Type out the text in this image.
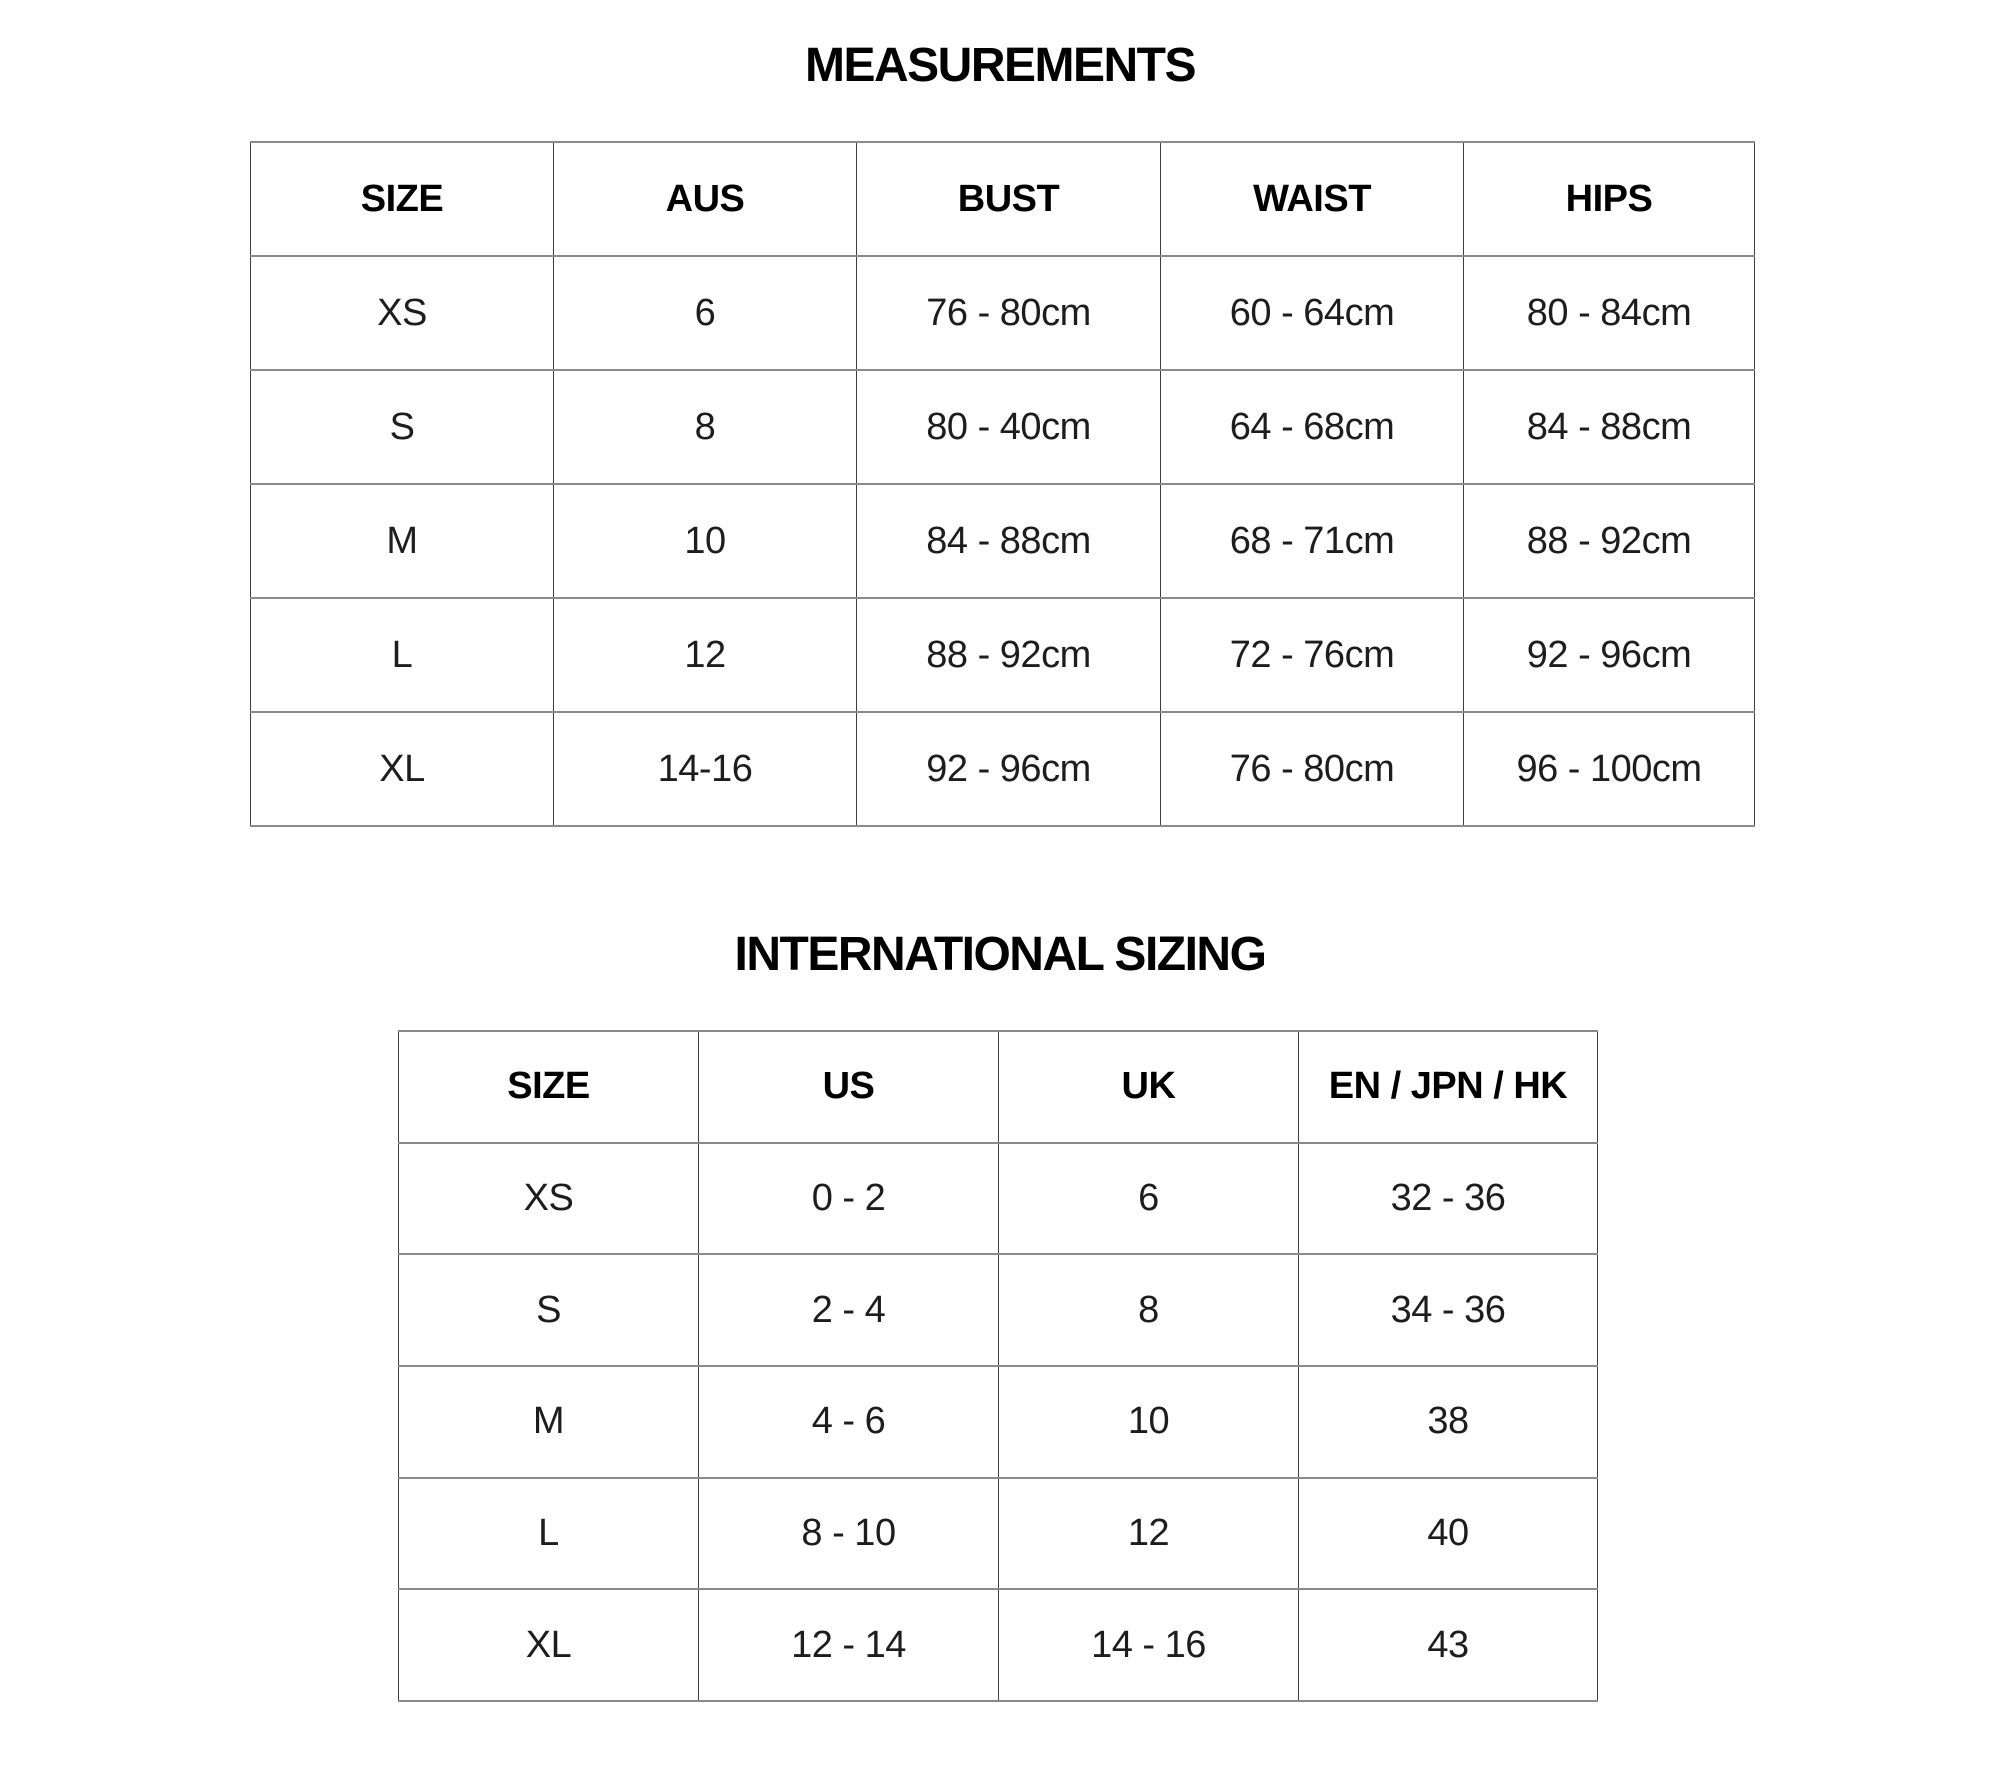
MEASUREMENTS
SIZE	AUS	BUST	WAIST	HIPS
XS	6	76 - 80cm	60 - 64cm	80 - 84cm
S	8	80 - 40cm	64 - 68cm	84 - 88cm
M	10	84 - 88cm	68 - 71cm	88 - 92cm
L	12	88 - 92cm	72 - 76cm	92 - 96cm
XL	14-16	92 - 96cm	76 - 80cm	96 - 100cm
INTERNATIONAL SIZING
SIZE	US	UK	EN / JPN / HK
XS	0 - 2	6	32 - 36
S	2 - 4	8	34 - 36
M	4 - 6	10	38
L	8 - 10	12	40
XL	12 - 14	14 - 16	43
